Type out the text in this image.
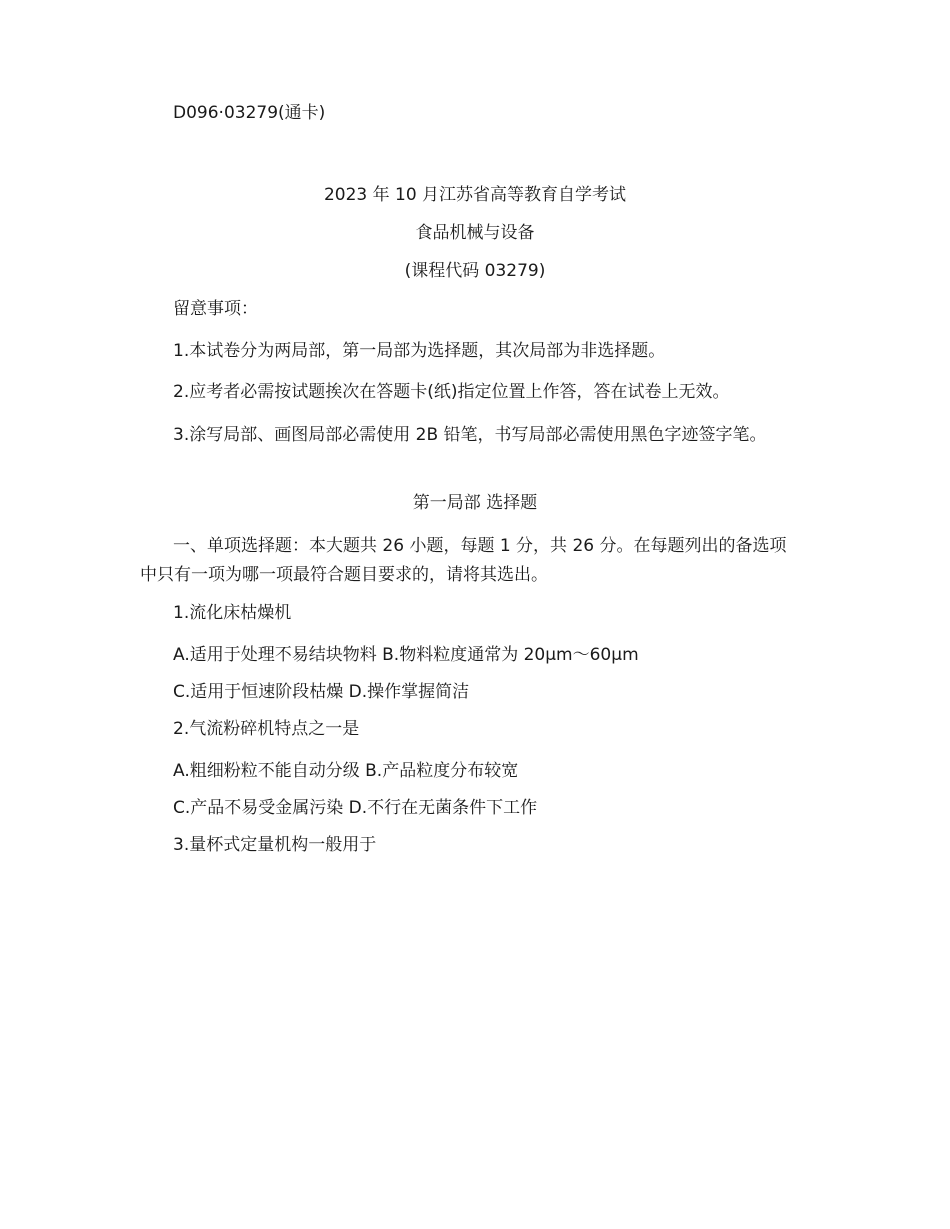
D096·03279(通卡)
2023 年 10 月江苏省高等教育自学考试
食品机械与设备
(课程代码 03279)
留意事项：
1.本试卷分为两局部，第一局部为选择题，其次局部为非选择题。
2.应考者必需按试题挨次在答题卡(纸)指定位置上作答，答在试卷上无效。
3.涂写局部、画图局部必需使用 2B 铅笔，书写局部必需使用黑色字迹签字笔。
第一局部 选择题
一、单项选择题：本大题共 26 小题，每题 1 分，共 26 分。在每题列出的备选项中只有一项为哪一项最符合题目要求的，请将其选出。
1.流化床枯燥机
A.适用于处理不易结块物料 B.物料粒度通常为 20μm～60μm
C.适用于恒速阶段枯燥 D.操作掌握简洁
2.气流粉碎机特点之一是
A.粗细粉粒不能自动分级 B.产品粒度分布较宽
C.产品不易受金属污染 D.不行在无菌条件下工作
3.量杯式定量机构一般用于
